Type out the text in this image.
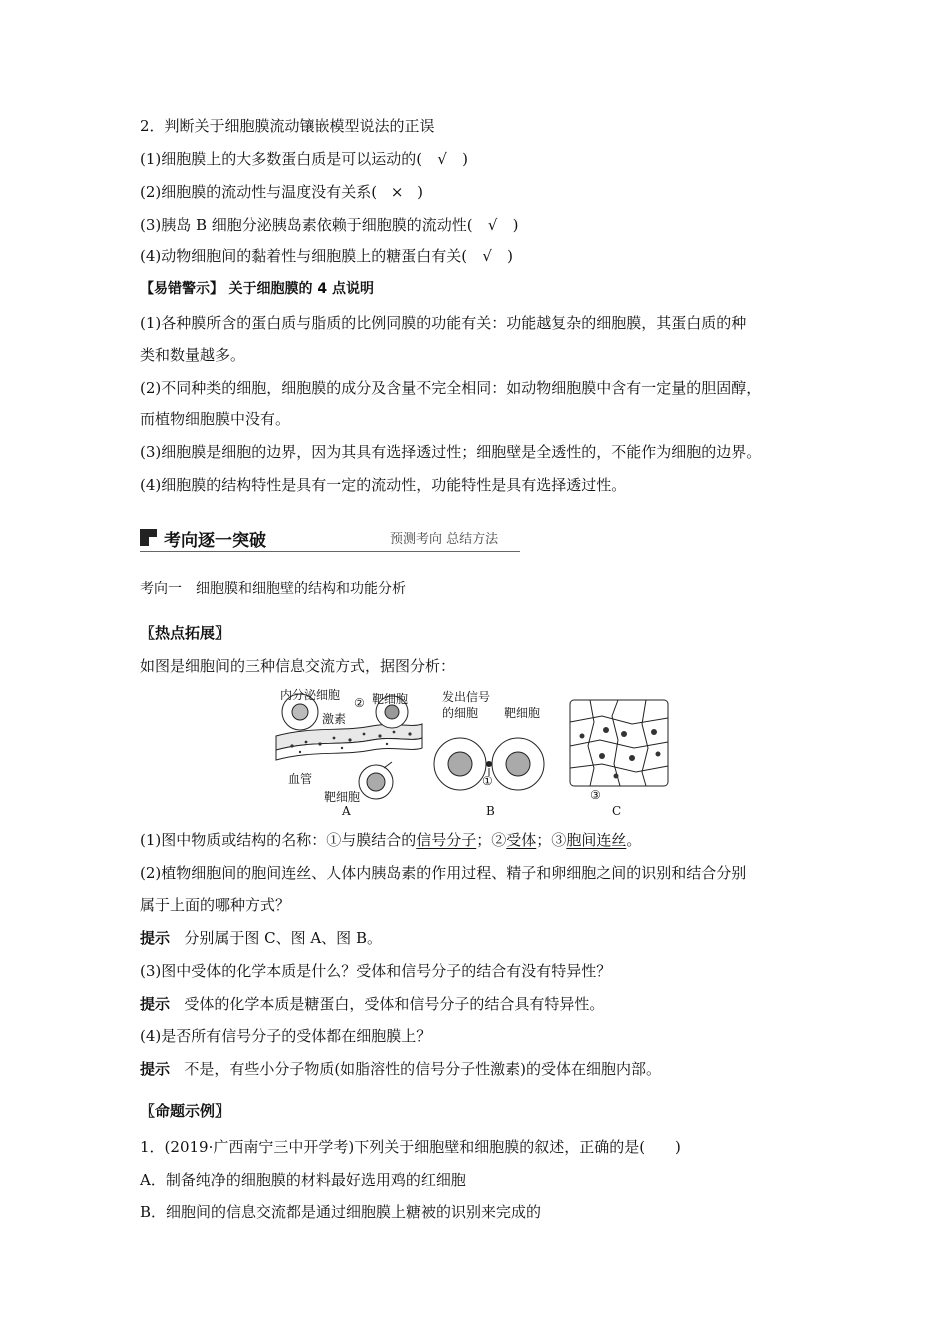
2．判断关于细胞膜流动镶嵌模型说法的正误
(1)细胞膜上的大多数蛋白质是可以运动的( √ )
(2)细胞膜的流动性与温度没有关系( × )
(3)胰岛 B 细胞分泌胰岛素依赖于细胞膜的流动性( √ )
(4)动物细胞间的黏着性与细胞膜上的糖蛋白有关( √ )
【易错警示】 关于细胞膜的 4 点说明
(1)各种膜所含的蛋白质与脂质的比例同膜的功能有关：功能越复杂的细胞膜，其蛋白质的种
类和数量越多。
(2)不同种类的细胞，细胞膜的成分及含量不完全相同：如动物细胞膜中含有一定量的胆固醇，
而植物细胞膜中没有。
(3)细胞膜是细胞的边界，因为其具有选择透过性；细胞壁是全透性的，不能作为细胞的边界。
(4)细胞膜的结构特性是具有一定的流动性，功能特性是具有选择透过性。
考向逐一突破	预测考向 总结方法
考向一　细胞膜和细胞壁的结构和功能分析
〖热点拓展〗
如图是细胞间的三种信息交流方式，据图分析：
内分泌细胞
② 靶细胞
激素
血管
靶细胞
A
发出信号
的细胞 靶细胞
①
B
③
C
(1)图中物质或结构的名称：①与膜结合的信号分子；②受体；③胞间连丝。
(2)植物细胞间的胞间连丝、人体内胰岛素的作用过程、精子和卵细胞之间的识别和结合分别
属于上面的哪种方式？
提示 分别属于图 C、图 A、图 B。
(3)图中受体的化学本质是什么？受体和信号分子的结合有没有特异性？
提示 受体的化学本质是糖蛋白，受体和信号分子的结合具有特异性。
(4)是否所有信号分子的受体都在细胞膜上？
提示 不是，有些小分子物质(如脂溶性的信号分子性激素)的受体在细胞内部。
〖命题示例〗
1．(2019·广西南宁三中开学考)下列关于细胞壁和细胞膜的叙述，正确的是(　　)
A．制备纯净的细胞膜的材料最好选用鸡的红细胞
B．细胞间的信息交流都是通过细胞膜上糖被的识别来完成的
